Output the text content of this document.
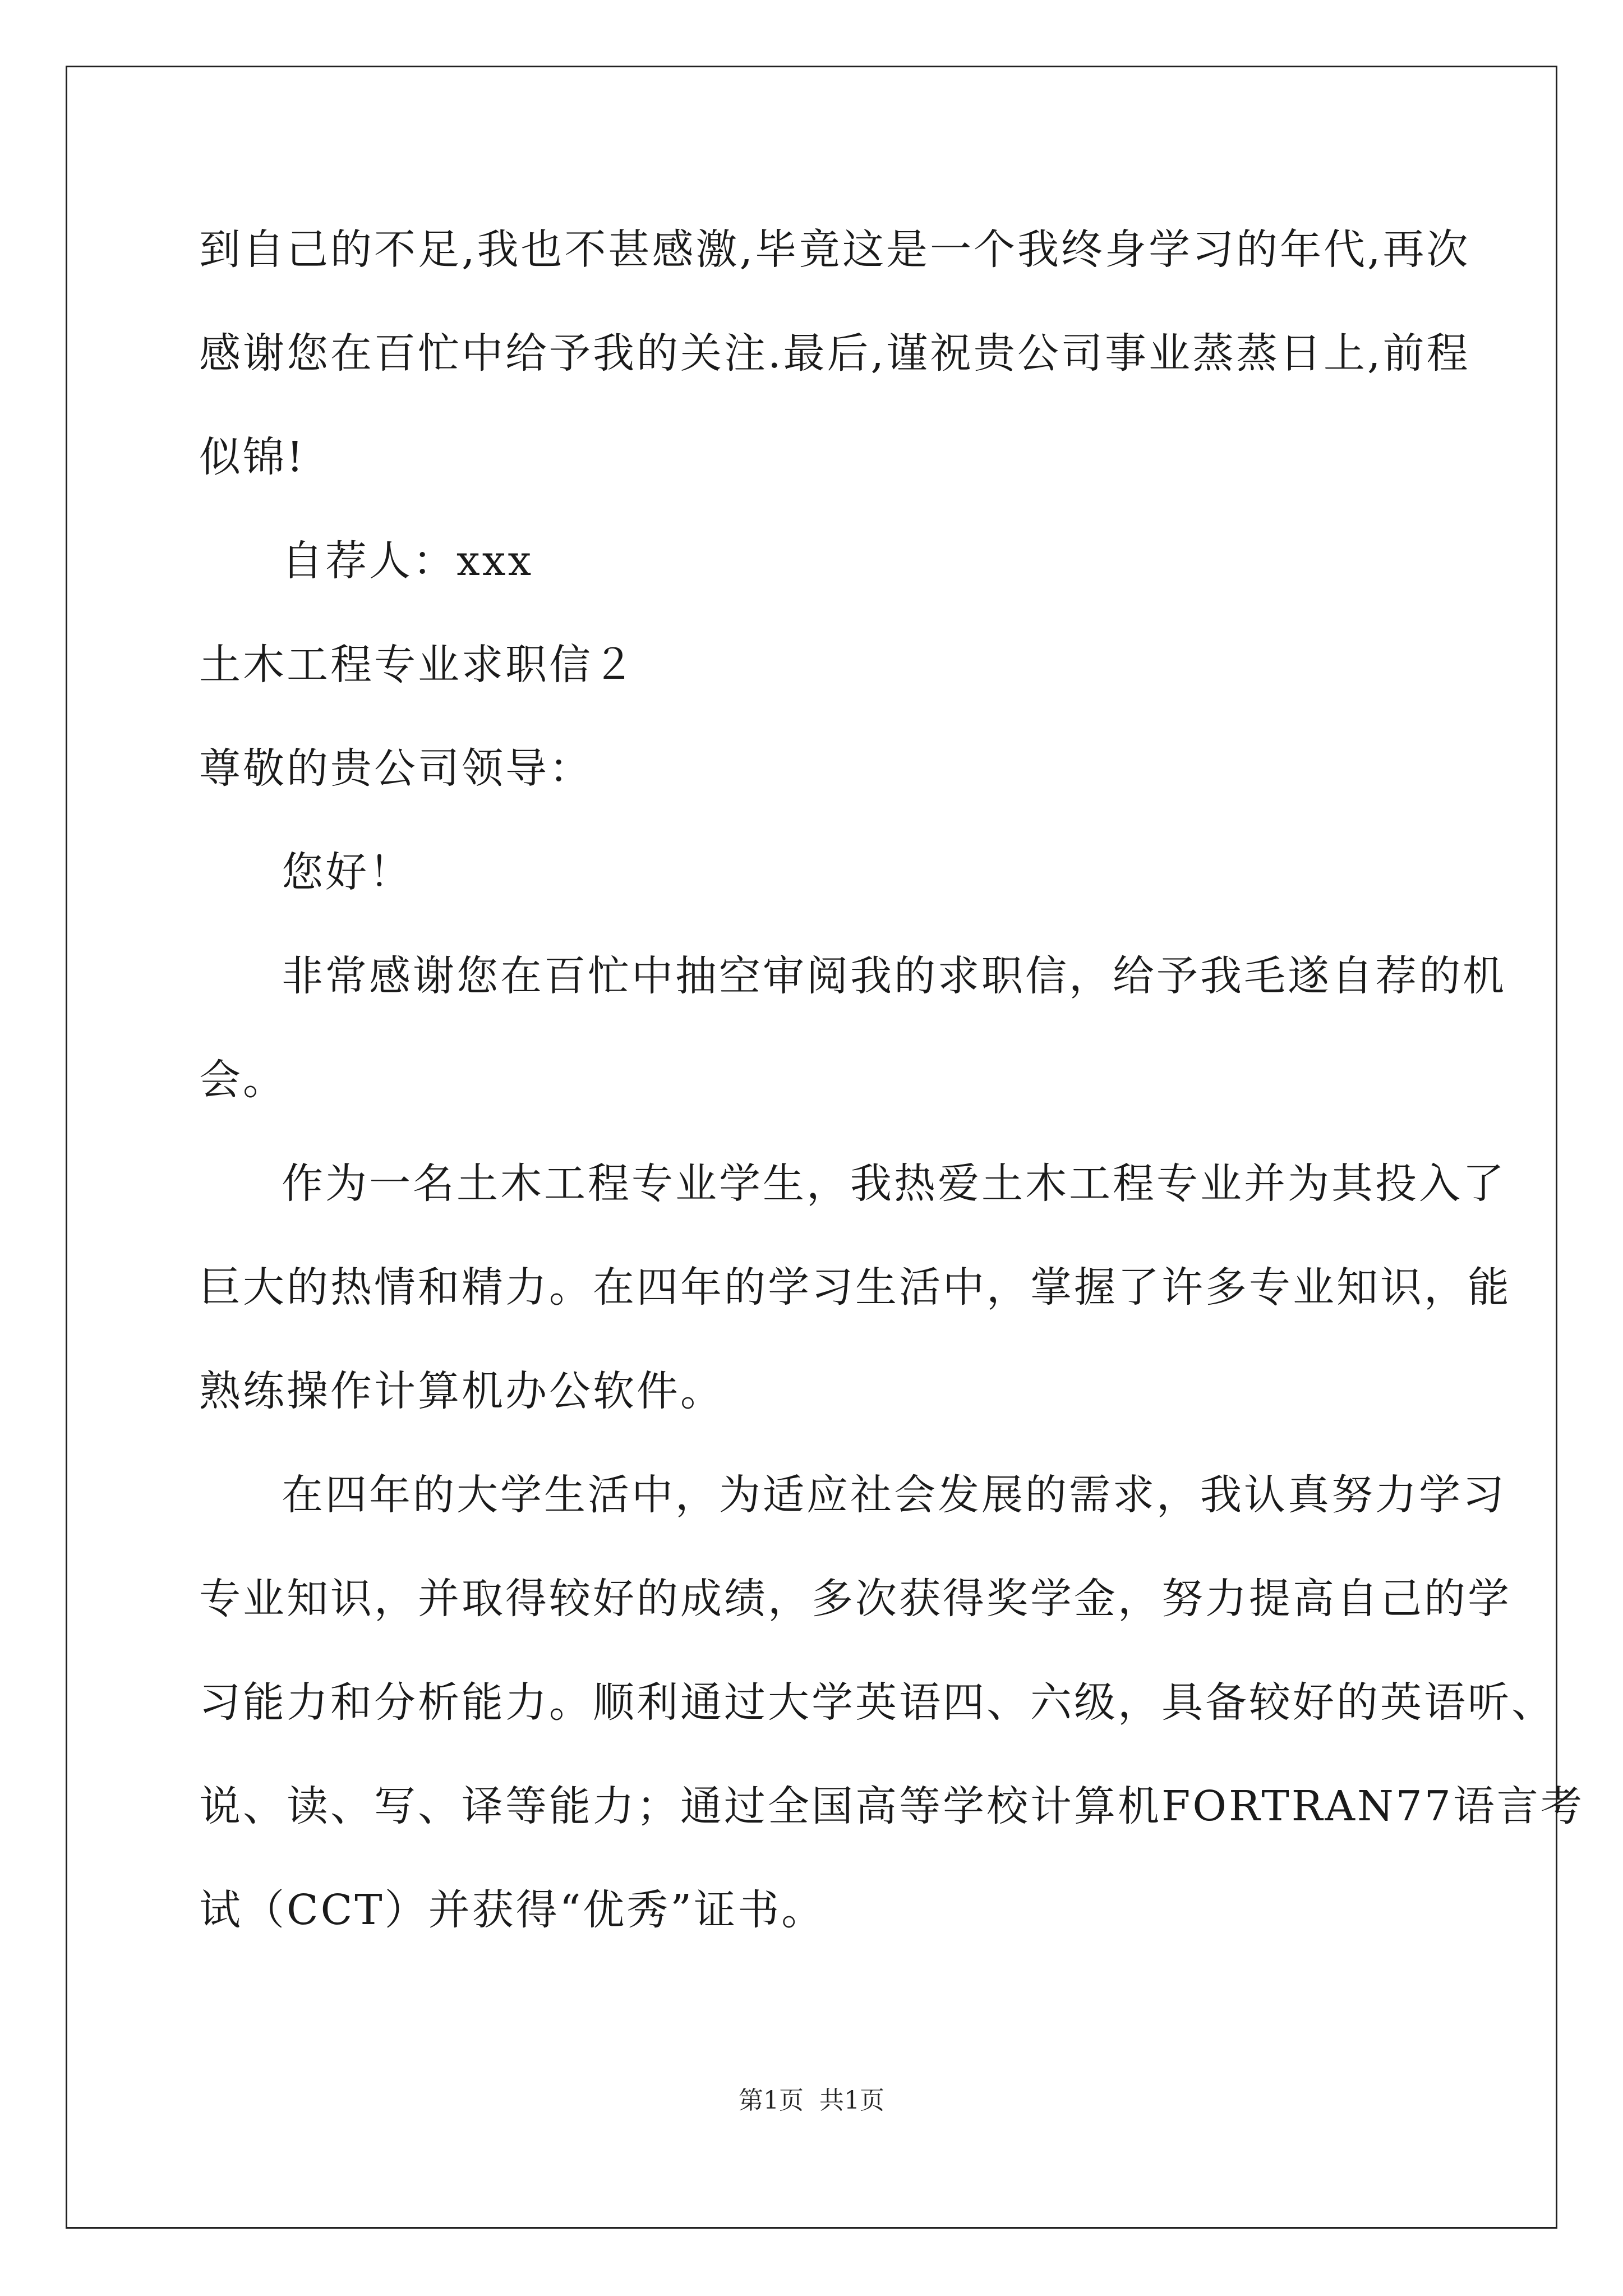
到自己的不足,我也不甚感激,毕竟这是一个我终身学习的年代,再次
感谢您在百忙中给予我的关注.最后,谨祝贵公司事业蒸蒸日上,前程
似锦!
自荐人：xxx
土木工程专业求职信２
尊敬的贵公司领导：
您好！
非常感谢您在百忙中抽空审阅我的求职信，给予我毛遂自荐的机
会。
作为一名土木工程专业学生，我热爱土木工程专业并为其投入了
巨大的热情和精力。在四年的学习生活中，掌握了许多专业知识，能
熟练操作计算机办公软件。
在四年的大学生活中，为适应社会发展的需求，我认真努力学习
专业知识，并取得较好的成绩，多次获得奖学金，努力提高自己的学
习能力和分析能力。顺利通过大学英语四、六级，具备较好的英语听、
说、读、写、译等能力；通过全国高等学校计算机FORTRAN77语言考
试（CCT）并获得“优秀”证书。
第1页 共1页
